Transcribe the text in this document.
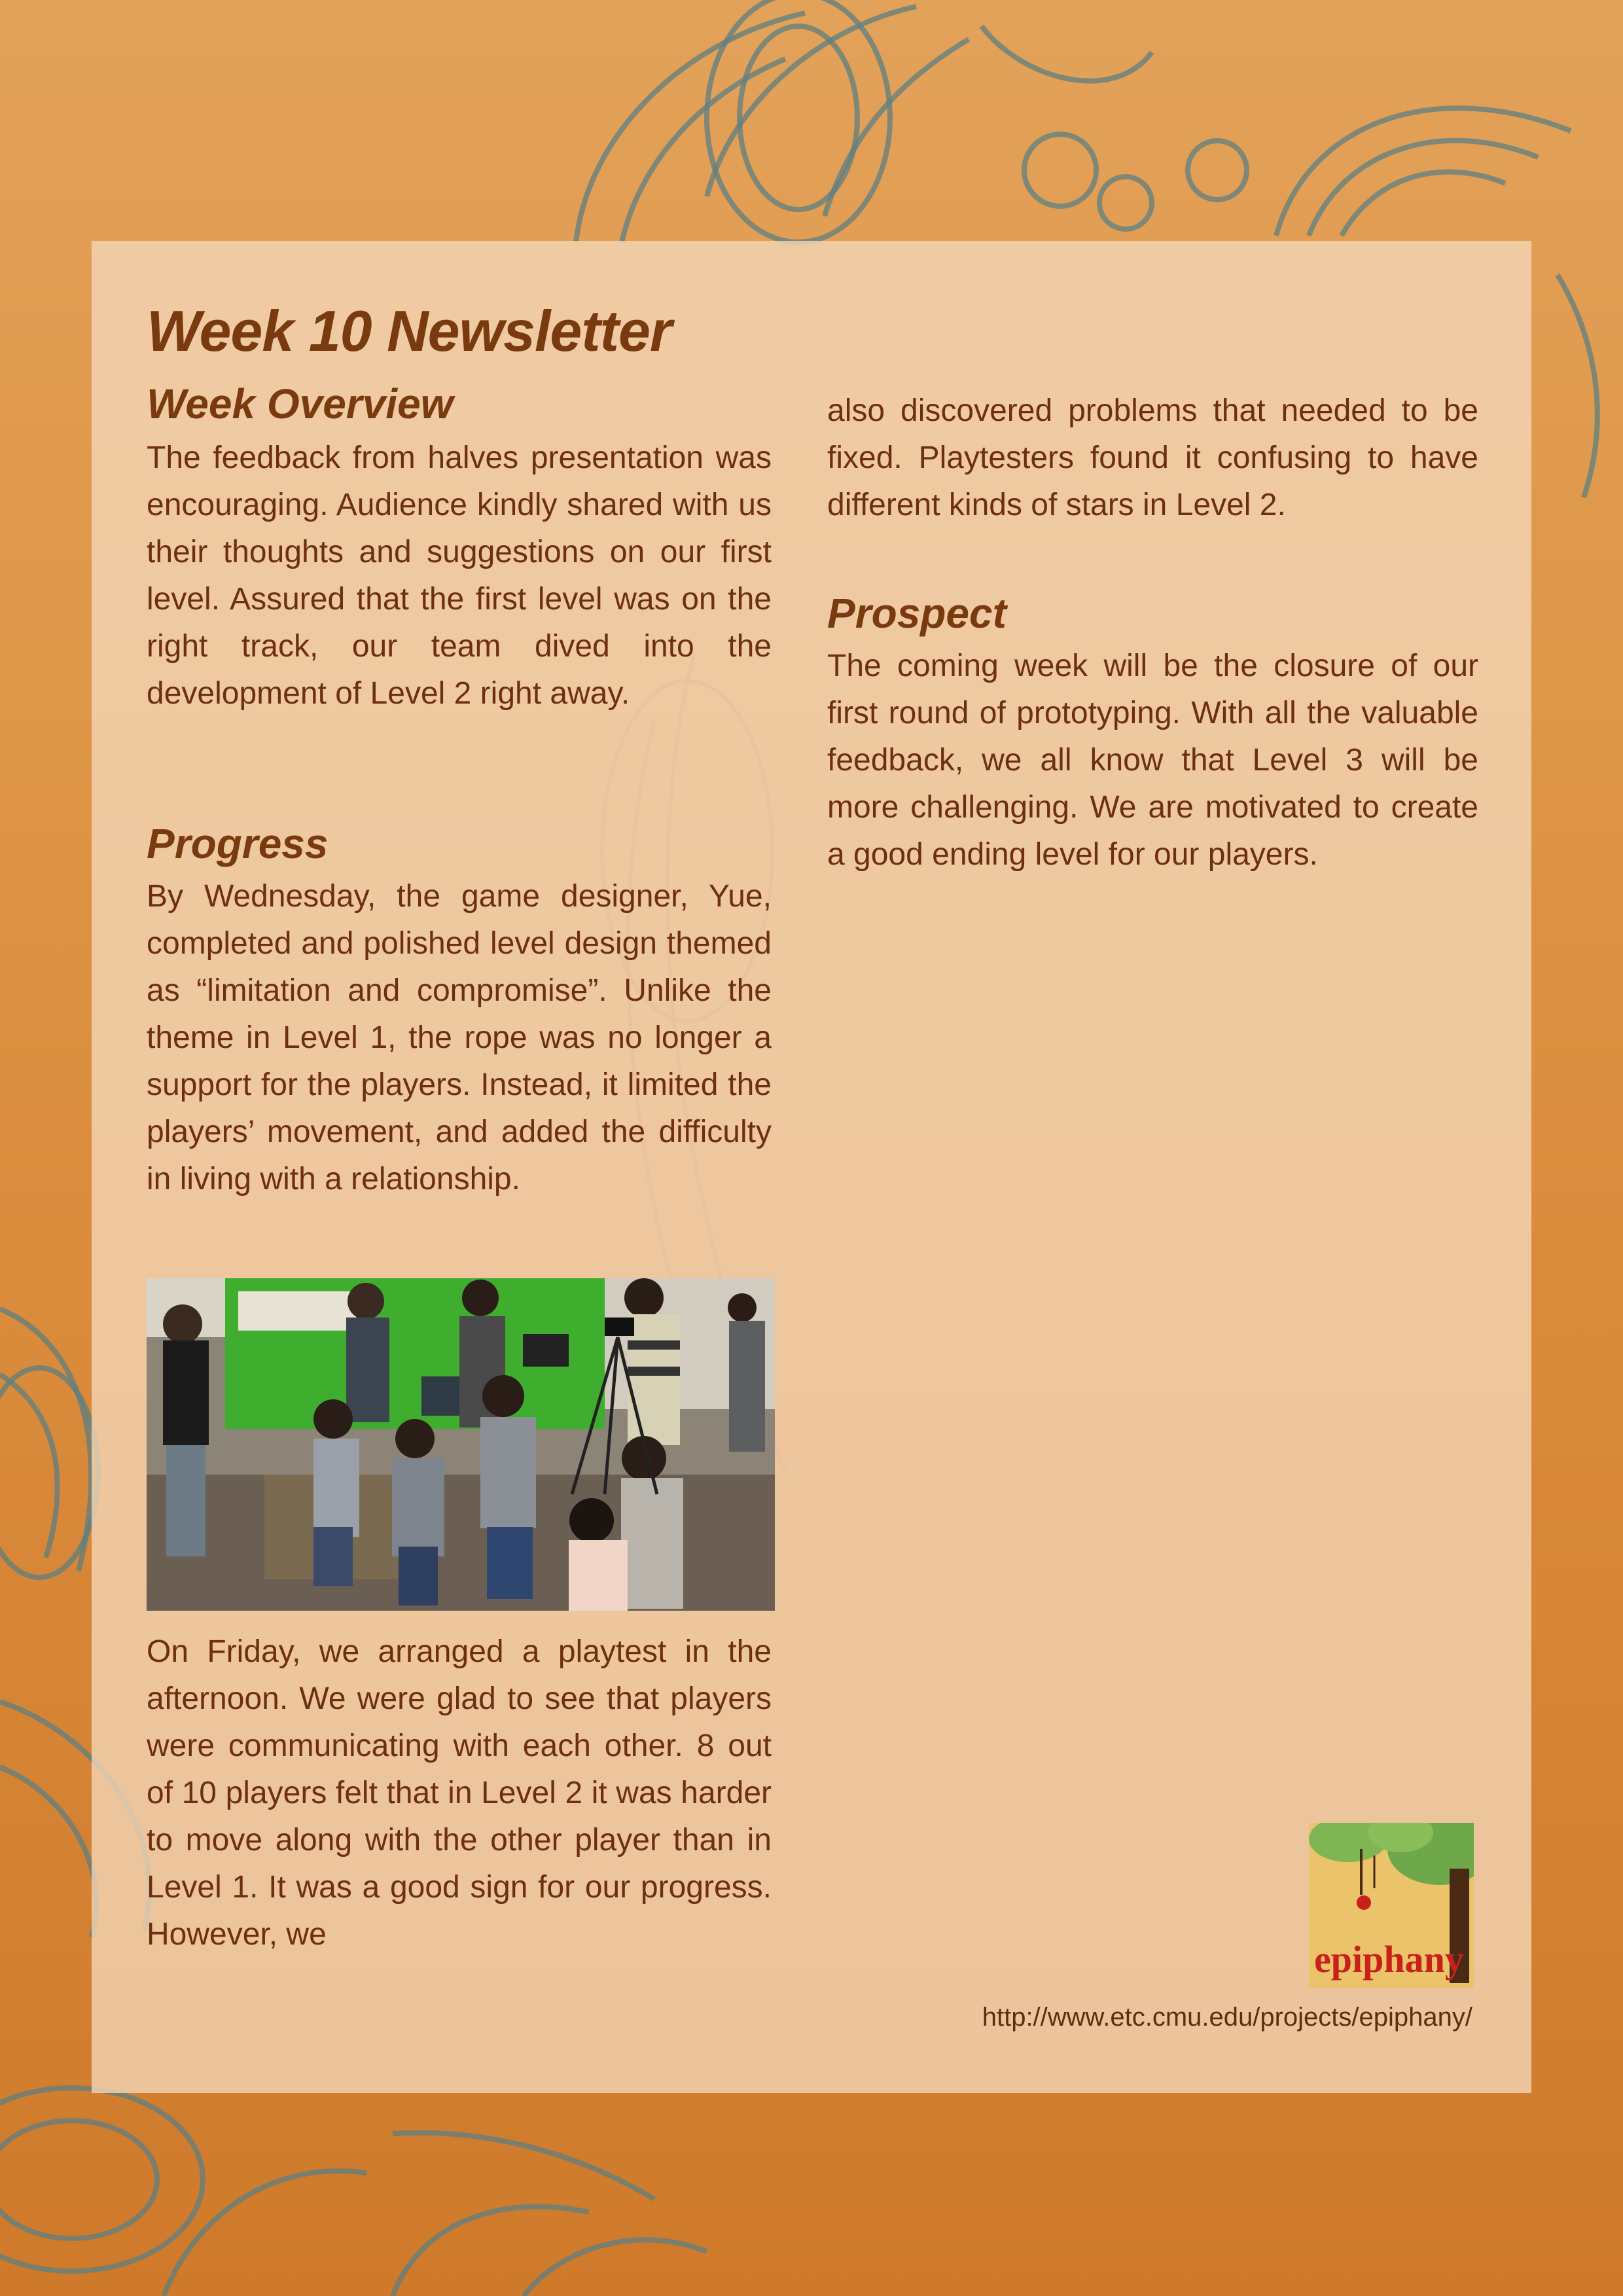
Week 10 Newsletter
Week Overview

The feedback from halves presentation was encouraging. Audience kindly shared with us their thoughts and suggestions on our first level. Assured that the first level was on the right track, our team dived into the development of Level 2 right away.

Progress

By Wednesday, the game designer, Yue, completed and polished level design themed as “limitation and compromise”. Unlike the theme in Level 1, the rope was no longer a support for the players. Instead, it limited the players’ movement, and added the difficulty in living with a relationship.

On Friday, we arranged a playtest in the afternoon. We were glad to see that players were communicating with each other. 8 out of 10 players felt that in Level 2 it was harder to move along with the other player than in Level 1. It was a good sign for our progress. However, we

also discovered problems that needed to be fixed. Playtesters found it confusing to have different kinds of stars in Level 2.

Prospect

The coming week will be the closure of our first round of prototyping. With all the valuable feedback, we all know that Level 3 will be more challenging. We are motivated to create a good ending level for our players.

epiphany

http://www.etc.cmu.edu/projects/epiphany/
